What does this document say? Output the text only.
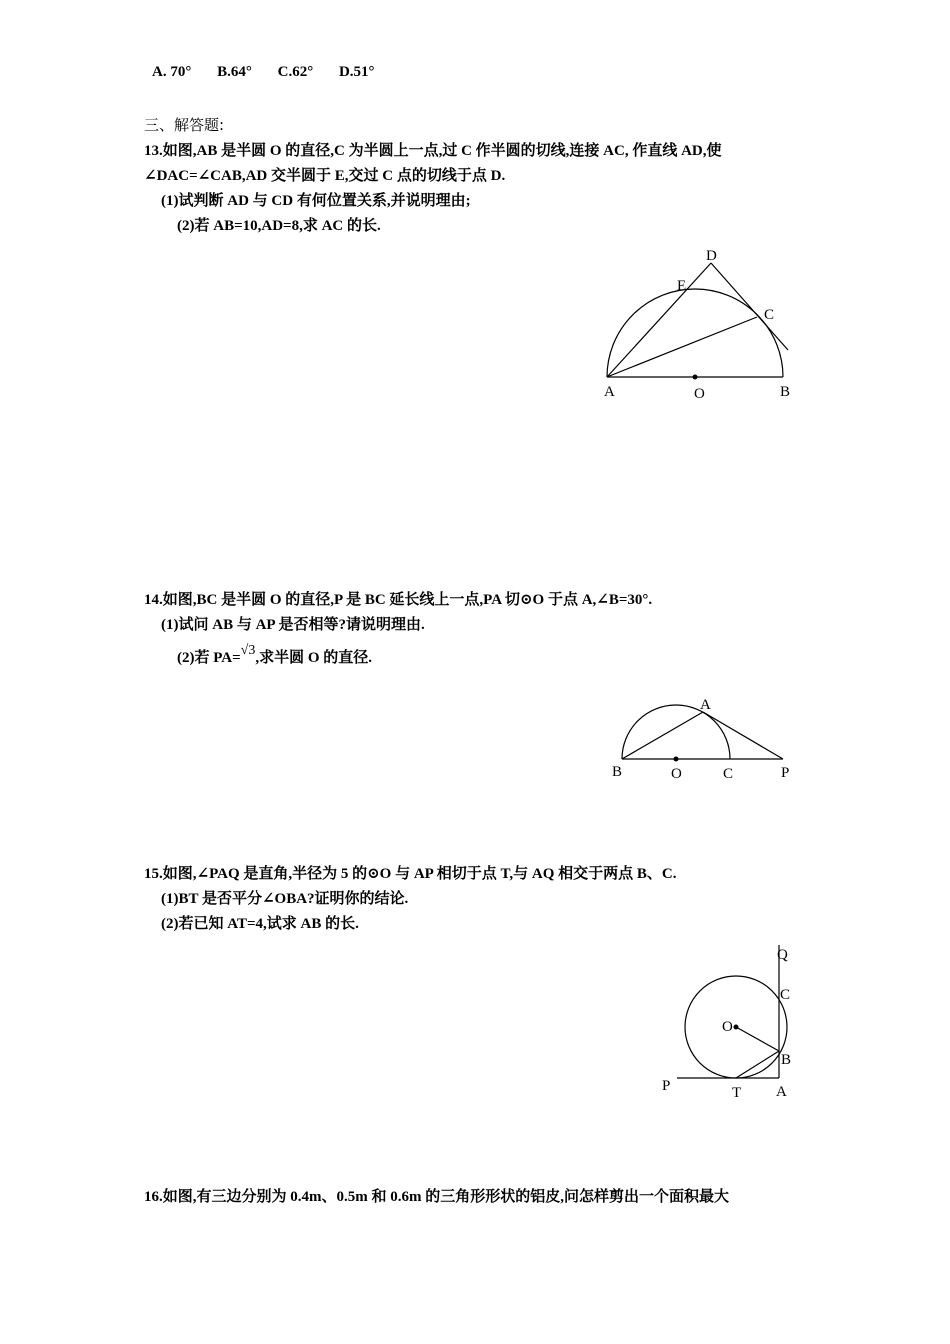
A. 70° B.64° C.62° D.51°
三、解答题:
13.如图,AB 是半圆 O 的直径,C 为半圆上一点,过 C 作半圆的切线,连接 AC, 作直线 AD,使
∠DAC=∠CAB,AD 交半圆于 E,交过 C 点的切线于点 D.
(1)试判断 AD 与 CD 有何位置关系,并说明理由;
(2)若 AB=10,AD=8,求 AC 的长.
D
E
C
A	O	B
14.如图,BC 是半圆 O 的直径,P 是 BC 延长线上一点,PA 切⊙O 于点 A,∠B=30°.
(1)试问 AB 与 AP 是否相等?请说明理由.
(2)若 PA=√3,求半圆 O 的直径.
A
B	O	C	P
15.如图,∠PAQ 是直角,半径为 5 的⊙O 与 AP 相切于点 T,与 AQ 相交于两点 B、C.
(1)BT 是否平分∠OBA?证明你的结论.
(2)若已知 AT=4,试求 AB 的长.
Q
C
O
B
P	T A
16.如图,有三边分别为 0.4m、0.5m 和 0.6m 的三角形形状的铝皮,问怎样剪出一个面积最大
